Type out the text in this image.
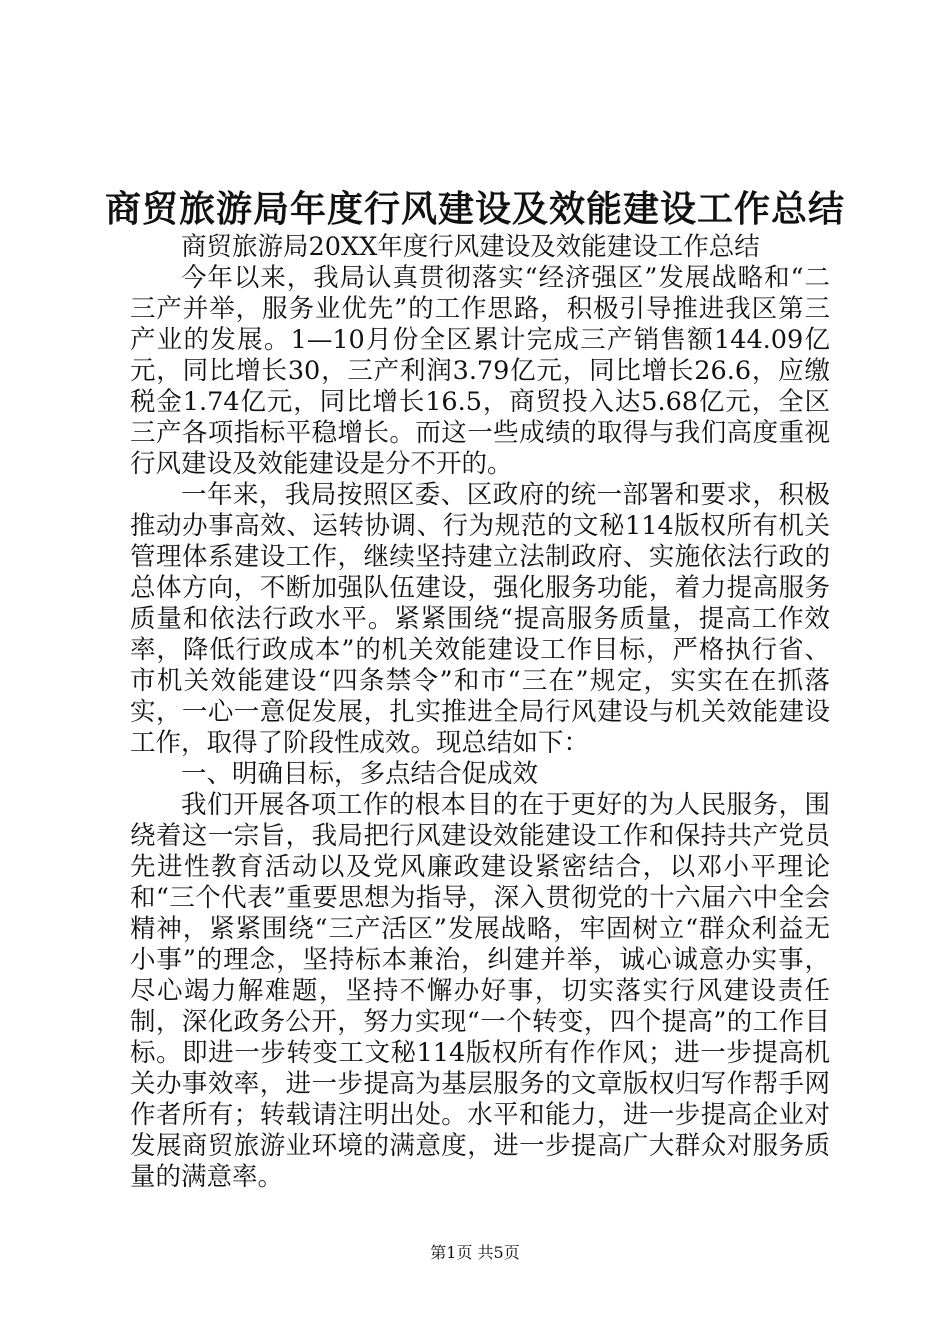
商贸旅游局年度行风建设及效能建设工作总结

商贸旅游局20XX年度行风建设及效能建设工作总结

今年以来，我局认真贯彻落实“经济强区”发展战略和“二三产并举，服务业优先”的工作思路，积极引导推进我区第三产业的发展。1—10月份全区累计完成三产销售额144.09亿元，同比增长30，三产利润3.79亿元，同比增长26.6，应缴税金1.74亿元，同比增长16.5，商贸投入达5.68亿元，全区三产各项指标平稳增长。而这一些成绩的取得与我们高度重视行风建设及效能建设是分不开的。

一年来，我局按照区委、区政府的统一部署和要求，积极推动办事高效、运转协调、行为规范的文秘114版权所有机关管理体系建设工作，继续坚持建立法制政府、实施依法行政的总体方向，不断加强队伍建设，强化服务功能，着力提高服务质量和依法行政水平。紧紧围绕“提高服务质量，提高工作效率，降低行政成本”的机关效能建设工作目标，严格执行省、市机关效能建设“四条禁令”和市“三在”规定，实实在在抓落实，一心一意促发展，扎实推进全局行风建设与机关效能建设工作，取得了阶段性成效。现总结如下：

一、明确目标，多点结合促成效

我们开展各项工作的根本目的在于更好的为人民服务，围绕着这一宗旨，我局把行风建设效能建设工作和保持共产党员先进性教育活动以及党风廉政建设紧密结合，以邓小平理论和“三个代表”重要思想为指导，深入贯彻党的十六届六中全会精神，紧紧围绕“三产活区”发展战略，牢固树立“群众利益无小事”的理念，坚持标本兼治，纠建并举，诚心诚意办实事，尽心竭力解难题，坚持不懈办好事，切实落实行风建设责任制，深化政务公开，努力实现“一个转变，四个提高”的工作目标。即进一步转变工文秘114版权所有作作风；进一步提高机关办事效率，进一步提高为基层服务的文章版权归写作帮手网作者所有；转载请注明出处。水平和能力，进一步提高企业对发展商贸旅游业环境的满意度，进一步提高广大群众对服务质量的满意率。

第1页 共5页
